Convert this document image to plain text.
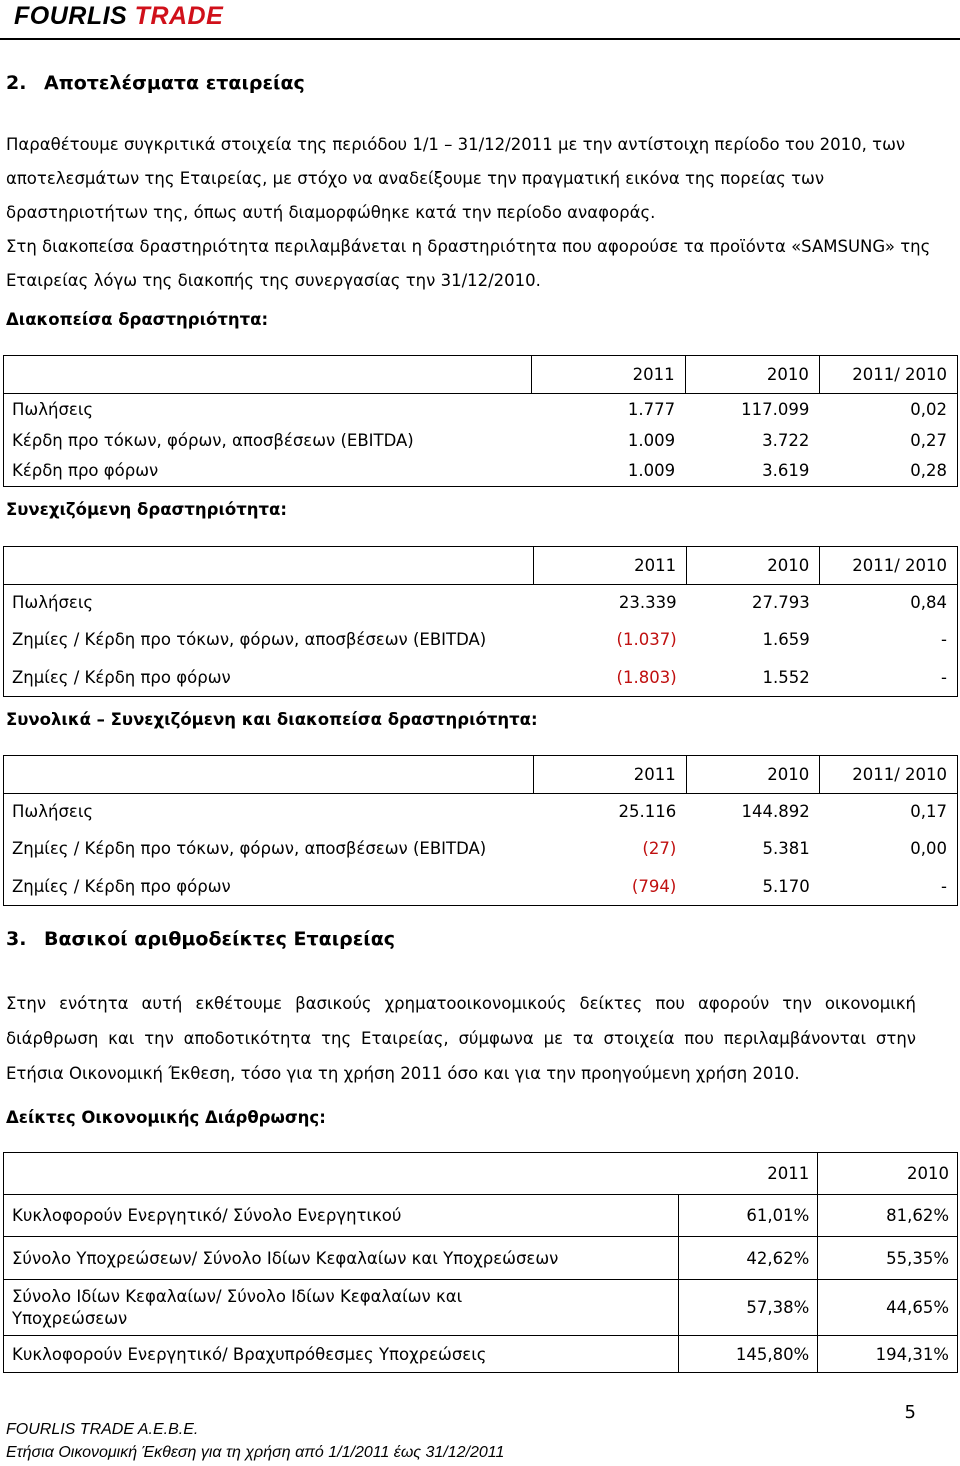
FOURLIS TRADE
2. Αποτελέσματα εταιρείας
Παραθέτουμε συγκριτικά στοιχεία της περιόδου 1/1 – 31/12/2011 με την αντίστοιχη περίοδο του 2010, των αποτελεσμάτων της Εταιρείας, με στόχο να αναδείξουμε την πραγματική εικόνα της πορείας των δραστηριοτήτων της, όπως αυτή διαμορφώθηκε κατά την περίοδο αναφοράς.
Στη διακοπείσα δραστηριότητα περιλαμβάνεται η δραστηριότητα που αφορούσε τα προϊόντα «SAMSUNG» της Εταιρείας λόγω της διακοπής της συνεργασίας την 31/12/2010.
Διακοπείσα δραστηριότητα:
	2011	2010	2011/ 2010
Πωλήσεις	1.777	117.099	0,02
Κέρδη προ τόκων, φόρων, αποσβέσεων (EBITDA)	1.009	3.722	0,27
Κέρδη προ φόρων	1.009	3.619	0,28
Συνεχιζόμενη δραστηριότητα:
	2011	2010	2011/ 2010
Πωλήσεις	23.339	27.793	0,84
Ζημίες / Κέρδη προ τόκων, φόρων, αποσβέσεων (EBITDA)	(1.037)	1.659	-
Ζημίες / Κέρδη προ φόρων	(1.803)	1.552	-
Συνολικά – Συνεχιζόμενη και διακοπείσα δραστηριότητα:
	2011	2010	2011/ 2010
Πωλήσεις	25.116	144.892	0,17
Ζημίες / Κέρδη προ τόκων, φόρων, αποσβέσεων (EBITDA)	(27)	5.381	0,00
Ζημίες / Κέρδη προ φόρων	(794)	5.170	-
3. Βασικοί αριθμοδείκτες Εταιρείας
Στην ενότητα αυτή εκθέτουμε βασικούς χρηματοοικονομικούς δείκτες που αφορούν την οικονομική διάρθρωση και την αποδοτικότητα της Εταιρείας, σύμφωνα με τα στοιχεία που περιλαμβάνονται στην Ετήσια Οικονομική Έκθεση, τόσο για τη χρήση 2011 όσο και για την προηγούμενη χρήση 2010.
Δείκτες Οικονομικής Διάρθρωσης:
	2011	2010
Κυκλοφορούν Ενεργητικό/ Σύνολο Ενεργητικού	61,01%	81,62%
Σύνολο Υποχρεώσεων/ Σύνολο Ιδίων Κεφαλαίων και Υποχρεώσεων	42,62%	55,35%
Σύνολο Ιδίων Κεφαλαίων/ Σύνολο Ιδίων Κεφαλαίων και Υποχρεώσεων	57,38%	44,65%
Κυκλοφορούν Ενεργητικό/ Βραχυπρόθεσμες Υποχρεώσεις	145,80%	194,31%
5
FOURLIS TRADE A.E.B.E.
Ετήσια Οικονομική Έκθεση για τη χρήση από 1/1/2011 έως 31/12/2011
